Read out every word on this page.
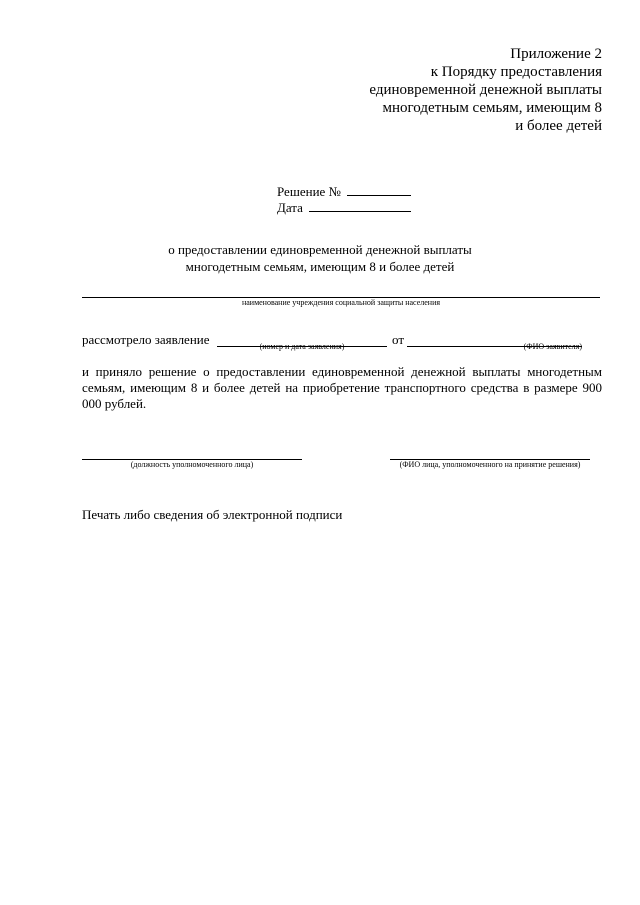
Приложение 2
к Порядку предоставления
единовременной денежной выплаты
многодетным семьям, имеющим 8
и более детей
Решение №
Дата
о предоставлении единовременной денежной выплаты
многодетным семьям, имеющим 8 и более детей
наименование учреждения социальной защиты населения
рассмотрело заявление	(номер и дата заявления)	от	(ФИО заявителя)
и приняло решение о предоставлении единовременной денежной выплаты многодетным семьям, имеющим 8 и более детей на приобретение транспортного средства в размере 900 000 рублей.
(должность уполномоченного лица)	(ФИО лица, уполномоченного на принятие решения)
Печать либо сведения об электронной подписи
